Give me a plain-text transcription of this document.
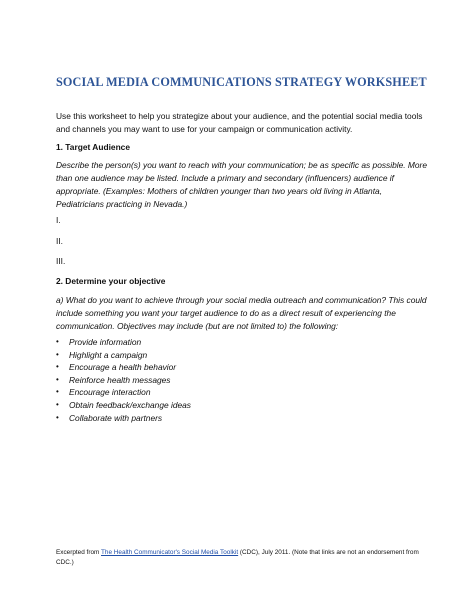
SOCIAL MEDIA COMMUNICATIONS STRATEGY WORKSHEET
Use this worksheet to help you strategize about your audience, and the potential social media tools and channels you may want to use for your campaign or communication activity.
1. Target Audience
Describe the person(s) you want to reach with your communication; be as specific as possible. More than one audience may be listed. Include a primary and secondary (influencers) audience if appropriate. (Examples: Mothers of children younger than two years old living in Atlanta, Pediatricians practicing in Nevada.)
I.
II.
III.
2. Determine your objective
a) What do you want to achieve through your social media outreach and communication? This could include something you want your target audience to do as a direct result of experiencing the communication. Objectives may include (but are not limited to) the following:
• Provide information
• Highlight a campaign
• Encourage a health behavior
• Reinforce health messages
• Encourage interaction
• Obtain feedback/exchange ideas
• Collaborate with partners
Excerpted from The Health Communicator's Social Media Toolkit (CDC), July 2011. (Note that links are not an endorsement from CDC.)
